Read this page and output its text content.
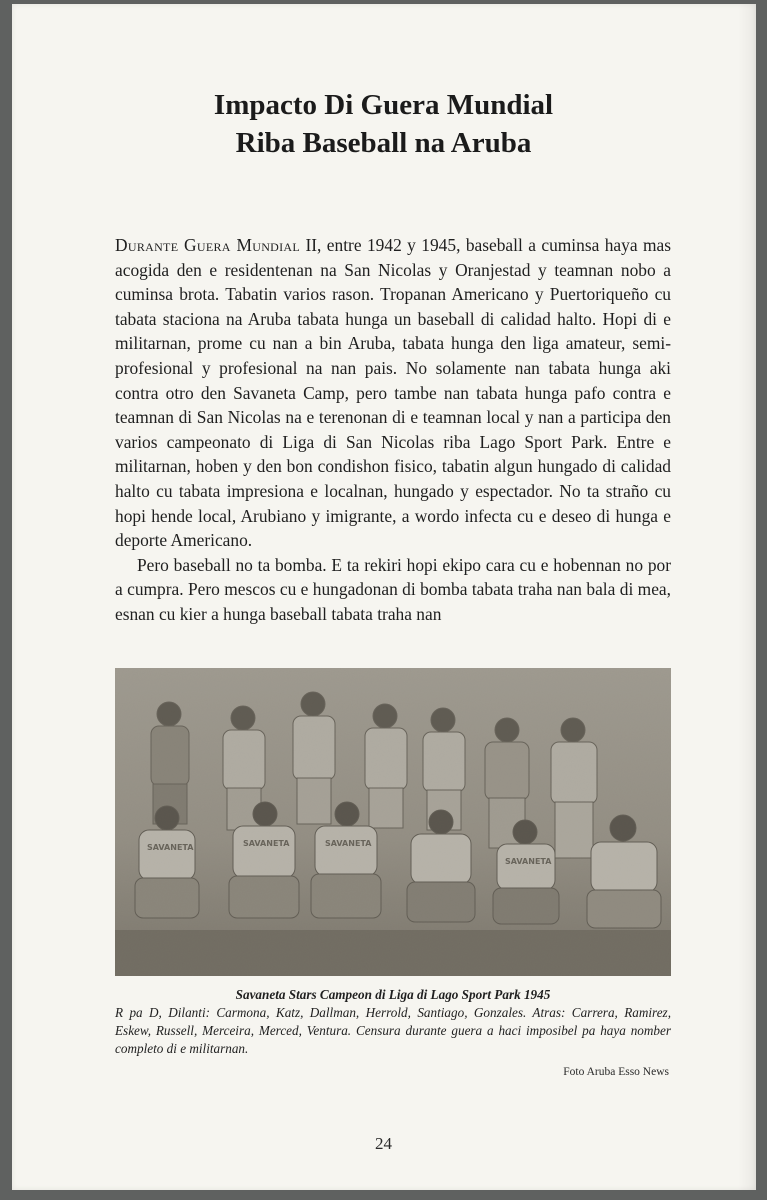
Impacto Di Guera Mundial
Riba Baseball na Aruba

Durante Guera Mundial II, entre 1942 y 1945, baseball a cuminsa haya mas acogida den e residentenan na San Nicolas y Oranjestad y teamnan nobo a cuminsa brota. Tabatin varios rason. Tropanan Americano y Puertoriqueño cu tabata staciona na Aruba tabata hunga un baseball di calidad halto. Hopi di e militarnan, prome cu nan a bin Aruba, tabata hunga den liga amateur, semi-profesional y profesional na nan pais. No solamente nan tabata hunga aki contra otro den Savaneta Camp, pero tambe nan tabata hunga pafo contra e teamnan di San Nicolas na e terenonan di e teamnan local y nan a participa den varios campeonato di Liga di San Nicolas riba Lago Sport Park. Entre e militarnan, hoben y den bon condishon fisico, tabatin algun hungado di calidad halto cu tabata impresiona e localnan, hungado y espectador. No ta straño cu hopi hende local, Arubiano y imigrante, a wordo infecta cu e deseo di hunga e deporte Americano.

Pero baseball no ta bomba. E ta rekiri hopi ekipo cara cu e hobennan no por a cumpra. Pero mescos cu e hungadonan di bomba tabata traha nan bala di mea, esnan cu kier a hunga baseball tabata traha nan

Savaneta Stars Campeon di Liga di Lago Sport Park 1945
R pa D, Dilanti: Carmona, Katz, Dallman, Herrold, Santiago, Gonzales. Atras: Carrera, Ramirez, Eskew, Russell, Merceira, Merced, Ventura. Censura durante guera a haci imposibel pa haya nomber completo di e militarnan.
Foto Aruba Esso News
24
